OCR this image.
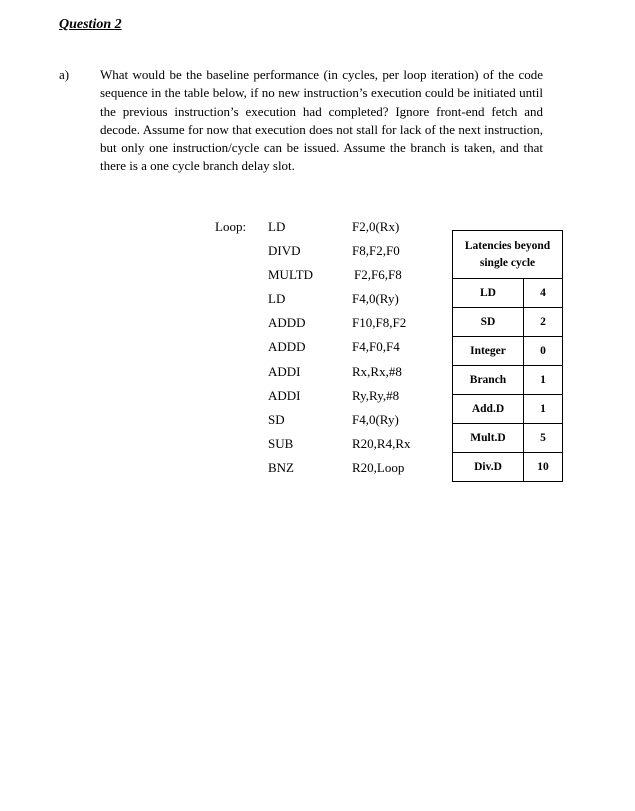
Question 2
a) What would be the baseline performance (in cycles, per loop iteration) of the code sequence in the table below, if no new instruction’s execution could be initiated until the previous instruction’s execution had completed? Ignore front-end fetch and decode. Assume for now that execution does not stall for lack of the next instruction, but only one instruction/cycle can be issued. Assume the branch is taken, and that there is a one cycle branch delay slot.
Loop: LD	F2,0(Rx)
DIVD	F8,F2,F0
MULTD	F2,F6,F8
LD	F4,0(Ry)
ADDD	F10,F8,F2
ADDD	F4,F0,F4
ADDI	Rx,Rx,#8
ADDI	Ry,Ry,#8
SD	F4,0(Ry)
SUB	R20,R4,Rx
BNZ	R20,Loop
Latencies beyond single cycle	
LD	4
SD	2
Integer	0
Branch	1
Add.D	1
Mult.D	5
Div.D	10
